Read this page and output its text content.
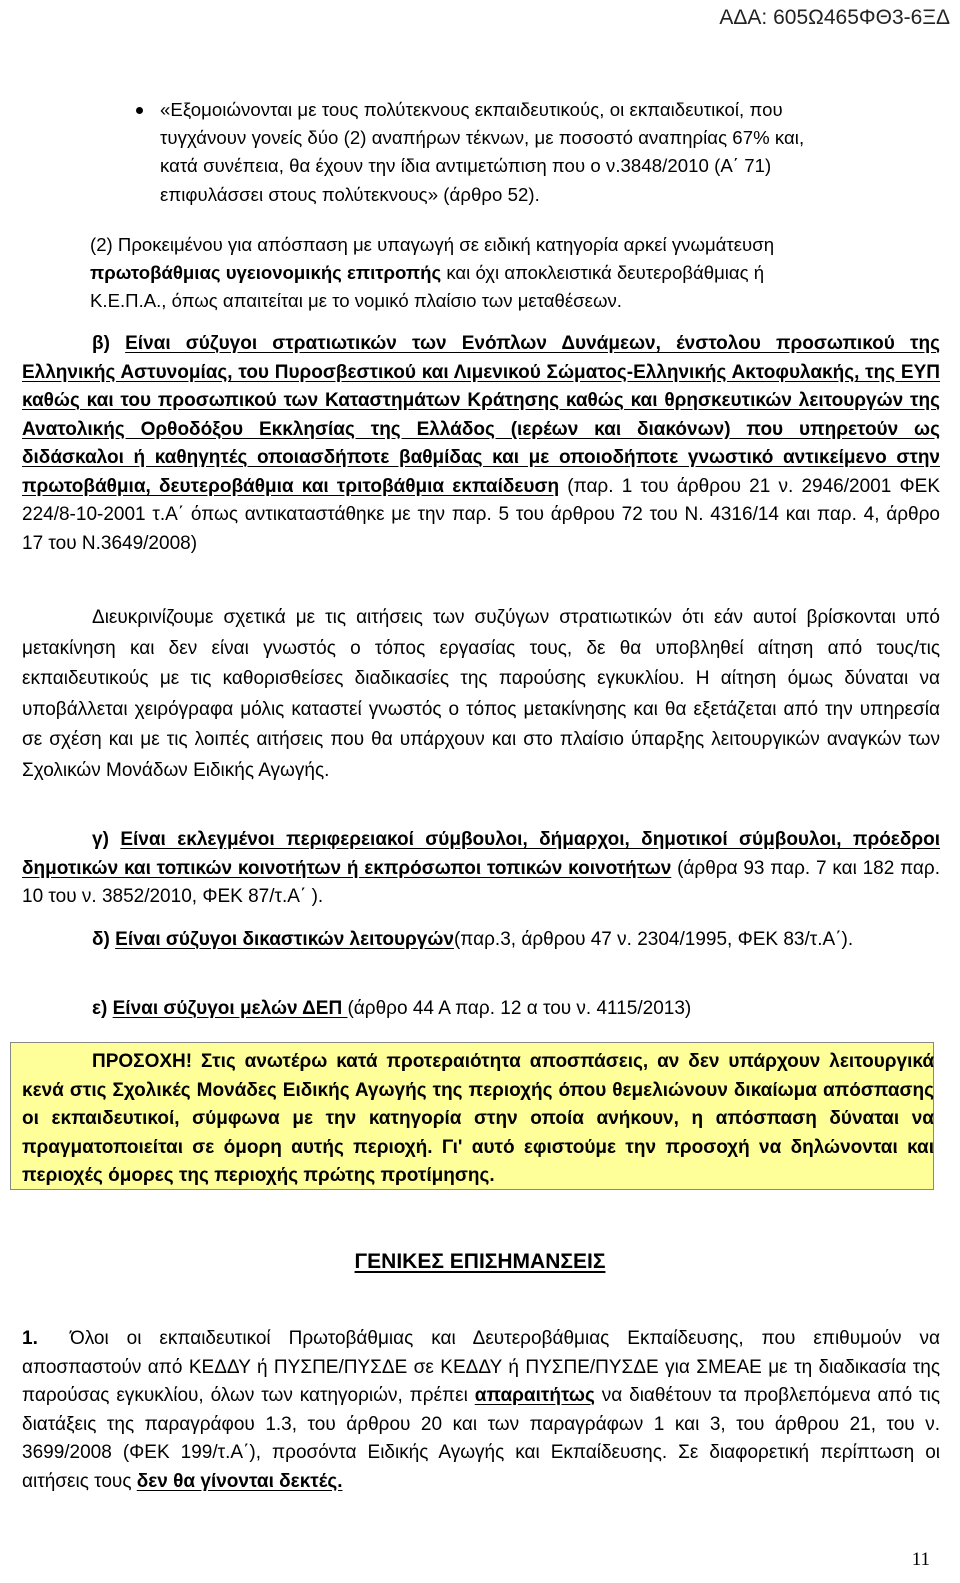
ΑΔΑ: 605Ω465ΦΘ3-6ΞΔ
«Εξομοιώνονται με τους πολύτεκνους εκπαιδευτικούς, οι εκπαιδευτικοί, που
τυγχάνουν γονείς δύο (2) αναπήρων τέκνων, με ποσοστό αναπηρίας 67% και,
κατά συνέπεια, θα έχουν την ίδια αντιμετώπιση που ο ν.3848/2010 (Α΄ 71)
επιφυλάσσει στους πολύτεκνους» (άρθρο 52).
(2) Προκειμένου για απόσπαση με υπαγωγή σε ειδική κατηγορία αρκεί γνωμάτευση
πρωτοβάθμιας υγειονομικής επιτροπής και όχι αποκλειστικά δευτεροβάθμιας ή
Κ.Ε.Π.Α., όπως απαιτείται με το νομικό πλαίσιο των μεταθέσεων.
β) Είναι σύζυγοι στρατιωτικών των Ενόπλων Δυνάμεων, ένστολου προσωπικού της Ελληνικής Αστυνομίας, του Πυροσβεστικού και Λιμενικού Σώματος-Ελληνικής Ακτοφυλακής, της ΕΥΠ καθώς και του προσωπικού των Καταστημάτων Κράτησης καθώς και θρησκευτικών λειτουργών της Ανατολικής Ορθοδόξου Εκκλησίας της Ελλάδος (ιερέων και διακόνων) που υπηρετούν ως διδάσκαλοι ή καθηγητές οποιασδήποτε βαθμίδας και με οποιοδήποτε γνωστικό αντικείμενο στην πρωτοβάθμια, δευτεροβάθμια και τριτοβάθμια εκπαίδευση (παρ. 1 του άρθρου 21 ν. 2946/2001 ΦΕΚ 224/8-10-2001 τ.Α΄ όπως αντικαταστάθηκε με την παρ. 5 του άρθρου 72 του Ν. 4316/14 και παρ. 4, άρθρο 17 του Ν.3649/2008)
Διευκρινίζουμε σχετικά με τις αιτήσεις των συζύγων στρατιωτικών ότι εάν αυτοί βρίσκονται υπό μετακίνηση και δεν είναι γνωστός ο τόπος εργασίας τους, δε θα υποβληθεί αίτηση από τους/τις εκπαιδευτικούς με τις καθορισθείσες διαδικασίες της παρούσης εγκυκλίου. Η αίτηση όμως δύναται να υποβάλλεται χειρόγραφα μόλις καταστεί γνωστός ο τόπος μετακίνησης και θα εξετάζεται από την υπηρεσία σε σχέση και με τις λοιπές αιτήσεις που θα υπάρχουν και στο πλαίσιο ύπαρξης λειτουργικών αναγκών των Σχολικών Μονάδων Ειδικής Αγωγής.
γ) Είναι εκλεγμένοι περιφερειακοί σύμβουλοι, δήμαρχοι, δημοτικοί σύμβουλοι, πρόεδροι δημοτικών και τοπικών κοινοτήτων ή εκπρόσωποι τοπικών κοινοτήτων (άρθρα 93 παρ. 7 και 182 παρ. 10 του ν. 3852/2010, ΦΕΚ 87/τ.Α΄ ).
δ) Είναι σύζυγοι δικαστικών λειτουργών(παρ.3, άρθρου 47 ν. 2304/1995, ΦΕΚ 83/τ.Α΄).
ε) Είναι σύζυγοι μελών ΔΕΠ (άρθρο 44 Α παρ. 12 α του ν. 4115/2013)
ΠΡΟΣΟΧΗ! Στις ανωτέρω κατά προτεραιότητα αποσπάσεις, αν δεν υπάρχουν λειτουργικά κενά στις Σχολικές Μονάδες Ειδικής Αγωγής της περιοχής όπου θεμελιώνουν δικαίωμα απόσπασης οι εκπαιδευτικοί, σύμφωνα με την κατηγορία στην οποία ανήκουν, η απόσπαση δύναται να πραγματοποιείται σε όμορη αυτής περιοχή. Γι' αυτό εφιστούμε την προσοχή να δηλώνονται και περιοχές όμορες της περιοχής πρώτης προτίμησης.
ΓΕΝΙΚΕΣ ΕΠΙΣΗΜΑΝΣΕΙΣ
1. Όλοι οι εκπαιδευτικοί Πρωτοβάθμιας και Δευτεροβάθμιας Εκπαίδευσης, που επιθυμούν να αποσπαστούν από ΚΕΔΔΥ ή ΠΥΣΠΕ/ΠΥΣΔΕ σε ΚΕΔΔΥ ή ΠΥΣΠΕ/ΠΥΣΔΕ για ΣΜΕΑΕ με τη διαδικασία της παρούσας εγκυκλίου, όλων των κατηγοριών, πρέπει απαραιτήτως να διαθέτουν τα προβλεπόμενα από τις διατάξεις της παραγράφου 1.3, του άρθρου 20 και των παραγράφων 1 και 3, του άρθρου 21, του ν. 3699/2008 (ΦΕΚ 199/τ.Α΄), προσόντα Ειδικής Αγωγής και Εκπαίδευσης. Σε διαφορετική περίπτωση οι αιτήσεις τους δεν θα γίνονται δεκτές.
11
